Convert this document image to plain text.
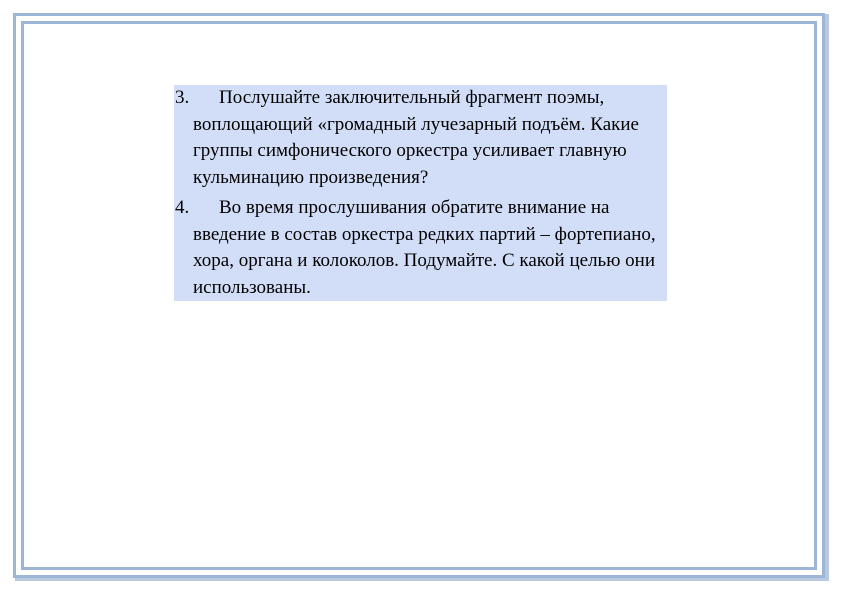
3.	Послушайте заключительный фрагмент поэмы, воплощающий «громадный лучезарный подъём. Какие группы симфонического оркестра усиливает главную кульминацию произведения?
4.	Во время прослушивания обратите внимание на введение в состав оркестра редких партий – фортепиано, хора, органа и колоколов. Подумайте. С какой целью они использованы.
